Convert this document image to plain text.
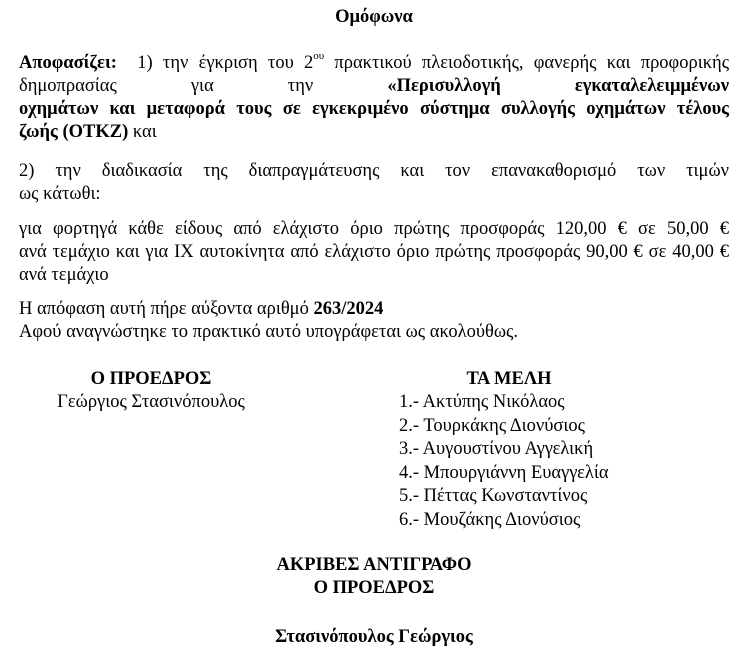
Ομόφωνα
Αποφασίζει: 1) την έγκριση του $2^{o\upsilon}$ πρακτικού πλειοδοτικής, φανερής και προφορικής
δημοπρασίας για την	«Περισυλλογή εγκαταλελειμμένων
οχημάτων και μεταφορά τους σε εγκεκριμένο σύστημα συλλογής οχημάτων τέλους
ζωής (ΟΤΚΖ) και
2) την διαδικασία της διαπραγμάτευσης και τον επανακαθορισμό των τιμών
ως κάτωθι:
για φορτηγά κάθε είδους από ελάχιστο όριο πρώτης προσφοράς 120,00 € σε 50,00 €
ανά τεμάχιο και για ΙΧ αυτοκίνητα από ελάχιστο όριο πρώτης προσφοράς 90,00 € σε 40,00 €
ανά τεμάχιο
Η απόφαση αυτή πήρε αύξοντα αριθμό 263/2024
Αφού αναγνώστηκε το πρακτικό αυτό υπογράφεται ως ακολούθως.
Ο ΠΡΟΕΔΡΟΣ
Γεώργιος Στασινόπουλος
ΤΑ ΜΕΛΗ
1.- Ακτύπης Νικόλαος
2.- Τουρκάκης Διονύσιος
3.- Αυγουστίνου Αγγελική
4.- Μπουργιάννη Ευαγγελία
5.- Πέττας Κωνσταντίνος
6.- Μουζάκης Διονύσιος
ΑΚΡΙΒΕΣ ΑΝΤΙΓΡΑΦΟ
Ο ΠΡΟΕΔΡΟΣ
Στασινόπουλος Γεώργιος
